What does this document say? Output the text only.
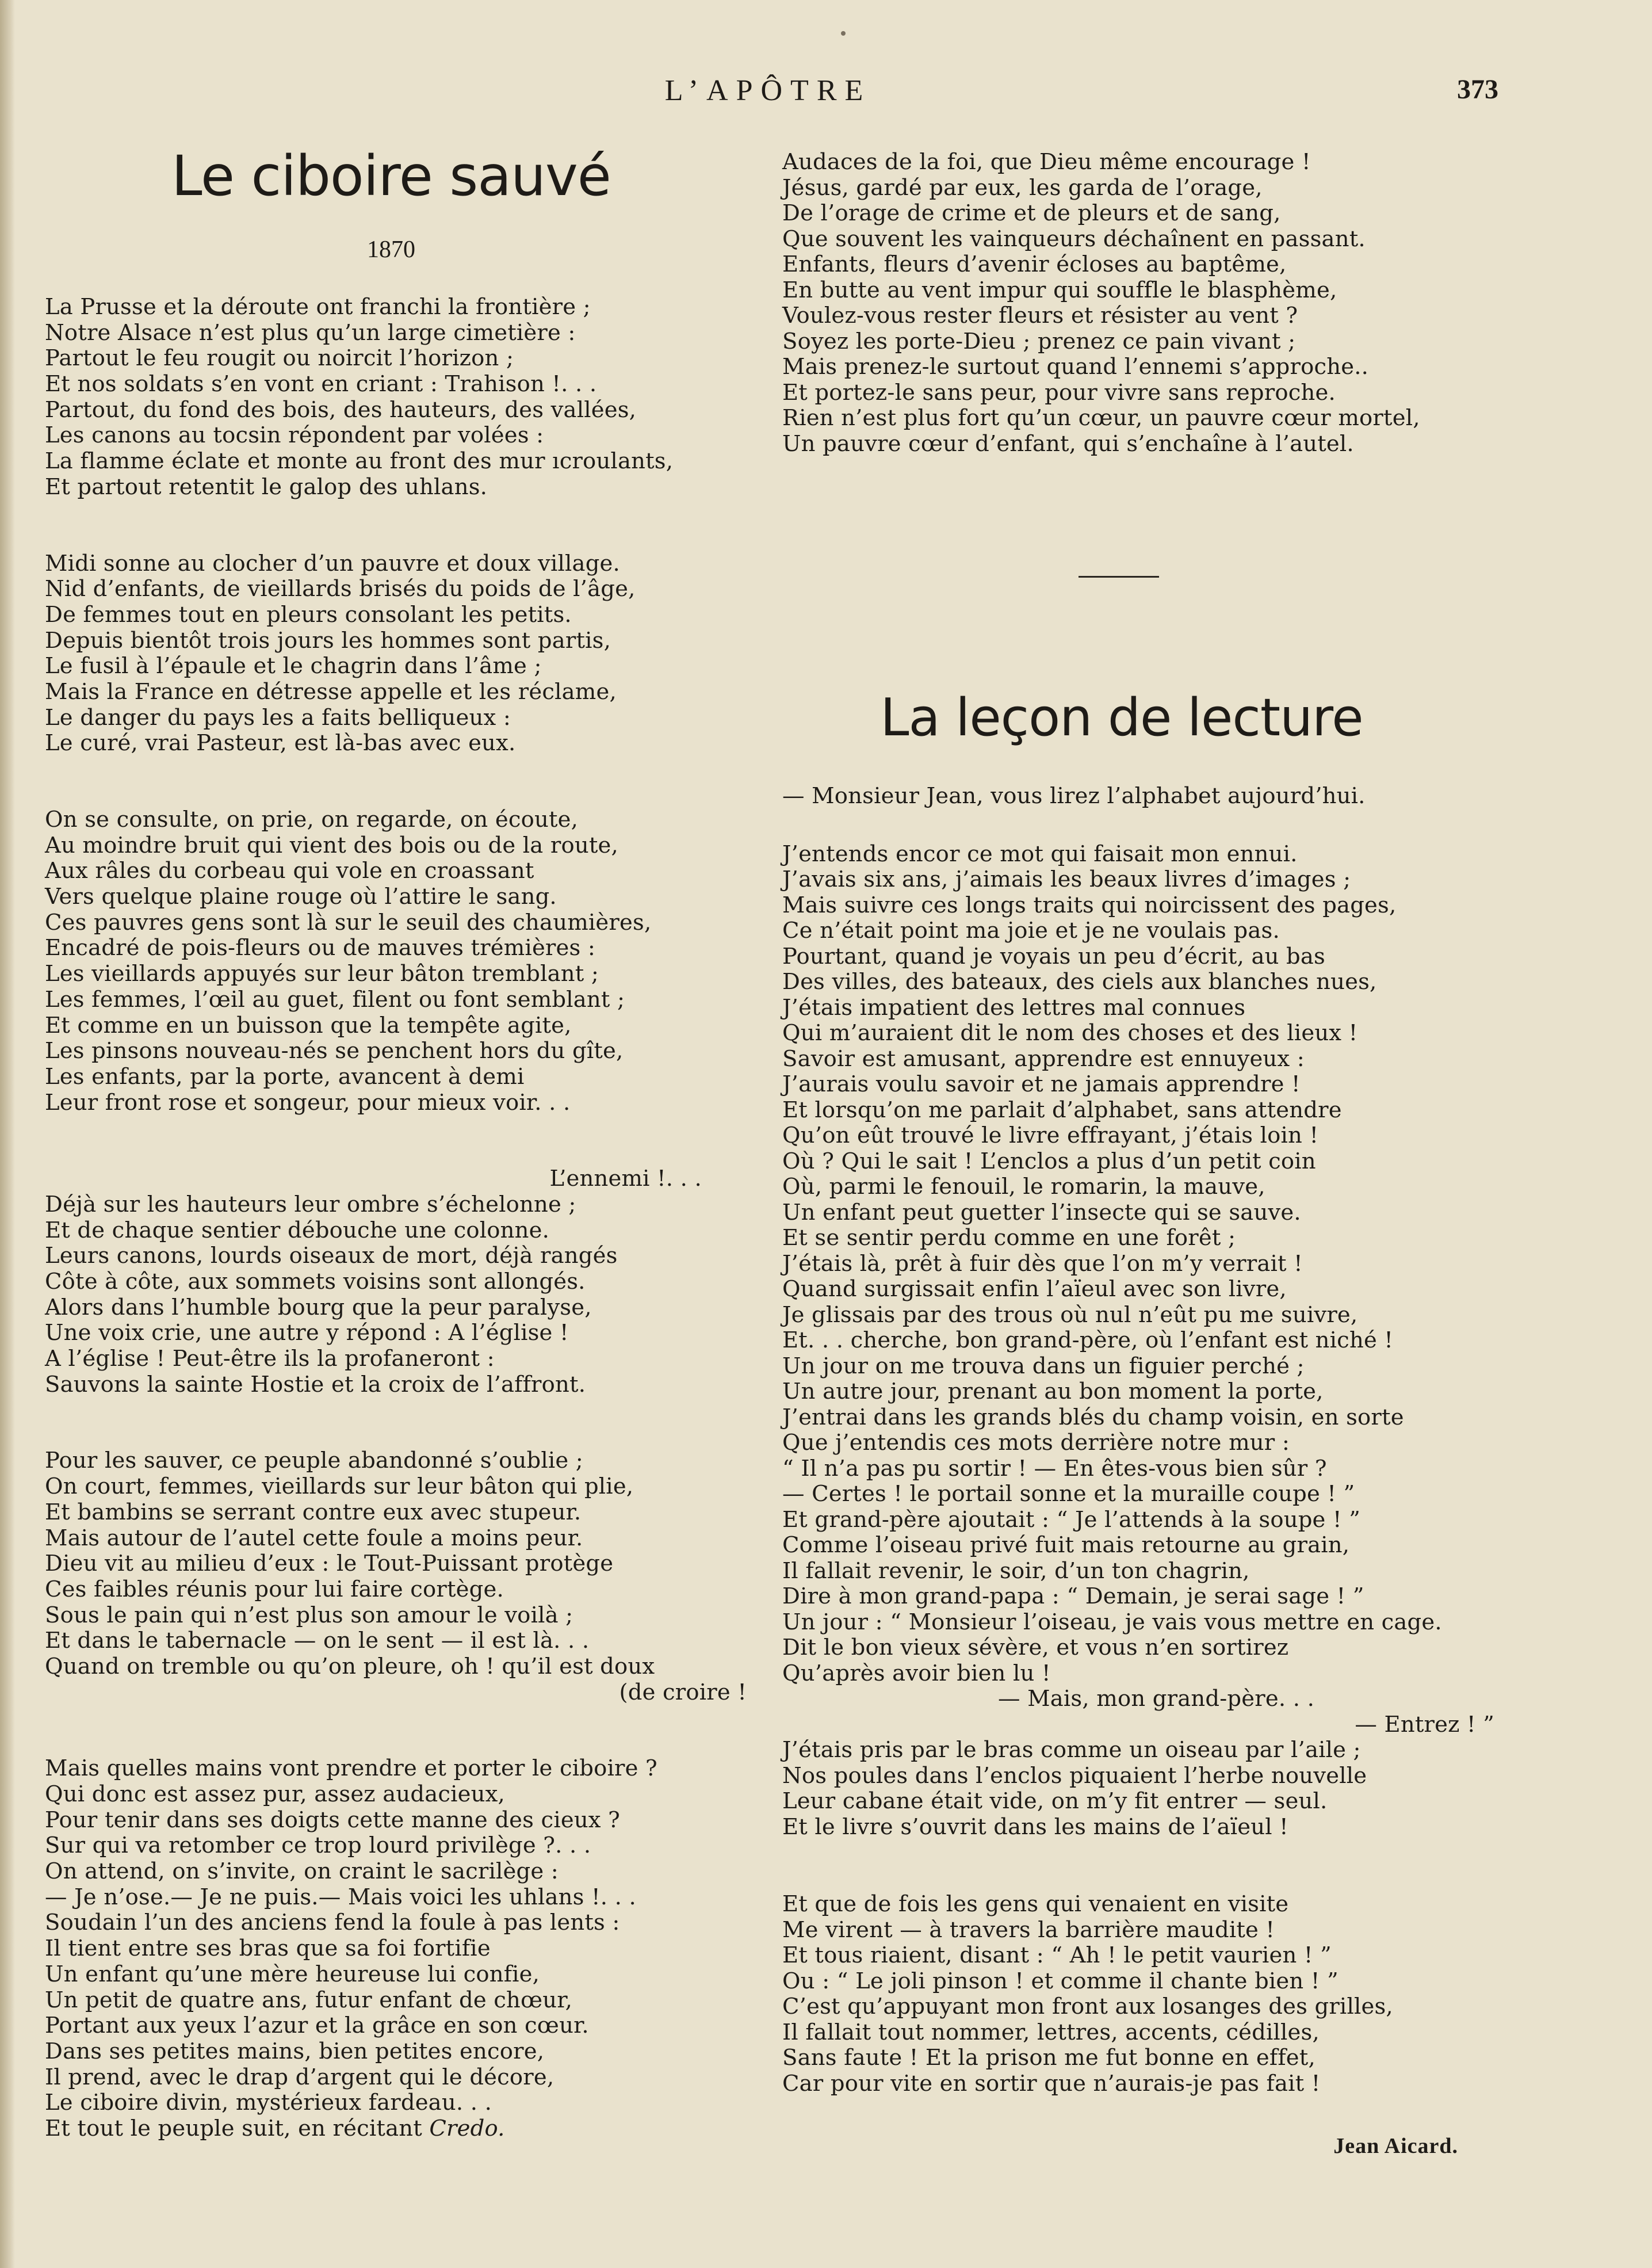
L’APÔTRE	373
Le ciboire sauvé
1870
La Prusse et la déroute ont franchi la frontière ;
Notre Alsace n’est plus qu’un large cimetière :
Partout le feu rougit ou noircit l’horizon ;
Et nos soldats s’en vont en criant : Trahison !. . .
Partout, du fond des bois, des hauteurs, des vallées,
Les canons au tocsin répondent par volées :
La flamme éclate et monte au front des mur ıcroulants,
Et partout retentit le galop des uhlans.
Midi sonne au clocher d’un pauvre et doux village.
Nid d’enfants, de vieillards brisés du poids de l’âge,
De femmes tout en pleurs consolant les petits.
Depuis bientôt trois jours les hommes sont partis,
Le fusil à l’épaule et le chagrin dans l’âme ;
Mais la France en détresse appelle et les réclame,
Le danger du pays les a faits belliqueux :
Le curé, vrai Pasteur, est là-bas avec eux.
On se consulte, on prie, on regarde, on écoute,
Au moindre bruit qui vient des bois ou de la route,
Aux râles du corbeau qui vole en croassant
Vers quelque plaine rouge où l’attire le sang.
Ces pauvres gens sont là sur le seuil des chaumières,
Encadré de pois-fleurs ou de mauves trémières :
Les vieillards appuyés sur leur bâton tremblant ;
Les femmes, l’œil au guet, filent ou font semblant ;
Et comme en un buisson que la tempête agite,
Les pinsons nouveau-nés se penchent hors du gîte,
Les enfants, par la porte, avancent à demi
Leur front rose et songeur, pour mieux voir. . .
L’ennemi !. . .
Déjà sur les hauteurs leur ombre s’échelonne ;
Et de chaque sentier débouche une colonne.
Leurs canons, lourds oiseaux de mort, déjà rangés
Côte à côte, aux sommets voisins sont allongés.
Alors dans l’humble bourg que la peur paralyse,
Une voix crie, une autre y répond : A l’église !
A l’église ! Peut-être ils la profaneront :
Sauvons la sainte Hostie et la croix de l’affront.
Pour les sauver, ce peuple abandonné s’oublie ;
On court, femmes, vieillards sur leur bâton qui plie,
Et bambins se serrant contre eux avec stupeur.
Mais autour de l’autel cette foule a moins peur.
Dieu vit au milieu d’eux : le Tout-Puissant protège
Ces faibles réunis pour lui faire cortège.
Sous le pain qui n’est plus son amour le voilà ;
Et dans le tabernacle — on le sent — il est là. . .
Quand on tremble ou qu’on pleure, oh ! qu’il est doux
(de croire !
Mais quelles mains vont prendre et porter le ciboire ?
Qui donc est assez pur, assez audacieux,
Pour tenir dans ses doigts cette manne des cieux ?
Sur qui va retomber ce trop lourd privilège ?. . .
On attend, on s’invite, on craint le sacrilège :
— Je n’ose.— Je ne puis.— Mais voici les uhlans !. . .
Soudain l’un des anciens fend la foule à pas lents :
Il tient entre ses bras que sa foi fortifie
Un enfant qu’une mère heureuse lui confie,
Un petit de quatre ans, futur enfant de chœur,
Portant aux yeux l’azur et la grâce en son cœur.
Dans ses petites mains, bien petites encore,
Il prend, avec le drap d’argent qui le décore,
Le ciboire divin, mystérieux fardeau. . .
Et tout le peuple suit, en récitant Credo.
Audaces de la foi, que Dieu même encourage !
Jésus, gardé par eux, les garda de l’orage,
De l’orage de crime et de pleurs et de sang,
Que souvent les vainqueurs déchaînent en passant.
Enfants, fleurs d’avenir écloses au baptême,
En butte au vent impur qui souffle le blasphème,
Voulez-vous rester fleurs et résister au vent ?
Soyez les porte-Dieu ; prenez ce pain vivant ;
Mais prenez-le surtout quand l’ennemi s’approche..
Et portez-le sans peur, pour vivre sans reproche.
Rien n’est plus fort qu’un cœur, un pauvre cœur mortel,
Un pauvre cœur d’enfant, qui s’enchaîne à l’autel.
La leçon de lecture
— Monsieur Jean, vous lirez l’alphabet aujourd’hui.
J’entends encor ce mot qui faisait mon ennui.
J’avais six ans, j’aimais les beaux livres d’images ;
Mais suivre ces longs traits qui noircissent des pages,
Ce n’était point ma joie et je ne voulais pas.
Pourtant, quand je voyais un peu d’écrit, au bas
Des villes, des bateaux, des ciels aux blanches nues,
J’étais impatient des lettres mal connues
Qui m’auraient dit le nom des choses et des lieux !
Savoir est amusant, apprendre est ennuyeux :
J’aurais voulu savoir et ne jamais apprendre !
Et lorsqu’on me parlait d’alphabet, sans attendre
Qu’on eût trouvé le livre effrayant, j’étais loin !
Où ? Qui le sait ! L’enclos a plus d’un petit coin
Où, parmi le fenouil, le romarin, la mauve,
Un enfant peut guetter l’insecte qui se sauve.
Et se sentir perdu comme en une forêt ;
J’étais là, prêt à fuir dès que l’on m’y verrait !
Quand surgissait enfin l’aïeul avec son livre,
Je glissais par des trous où nul n’eût pu me suivre,
Et. . . cherche, bon grand-père, où l’enfant est niché !
Un jour on me trouva dans un figuier perché ;
Un autre jour, prenant au bon moment la porte,
J’entrai dans les grands blés du champ voisin, en sorte
Que j’entendis ces mots derrière notre mur :
“ Il n’a pas pu sortir ! — En êtes-vous bien sûr ?
— Certes ! le portail sonne et la muraille coupe ! ”
Et grand-père ajoutait : “ Je l’attends à la soupe ! ”
Comme l’oiseau privé fuit mais retourne au grain,
Il fallait revenir, le soir, d’un ton chagrin,
Dire à mon grand-papa : “ Demain, je serai sage ! ”
Un jour : “ Monsieur l’oiseau, je vais vous mettre en cage.
Dit le bon vieux sévère, et vous n’en sortirez
Qu’après avoir bien lu !
— Mais, mon grand-père. . .
— Entrez ! ”
J’étais pris par le bras comme un oiseau par l’aile ;
Nos poules dans l’enclos piquaient l’herbe nouvelle
Leur cabane était vide, on m’y fit entrer — seul.
Et le livre s’ouvrit dans les mains de l’aïeul !
Et que de fois les gens qui venaient en visite
Me virent — à travers la barrière maudite !
Et tous riaient, disant : “ Ah ! le petit vaurien ! ”
Ou : “ Le joli pinson ! et comme il chante bien ! ”
C’est qu’appuyant mon front aux losanges des grilles,
Il fallait tout nommer, lettres, accents, cédilles,
Sans faute ! Et la prison me fut bonne en effet,
Car pour vite en sortir que n’aurais-je pas fait !
Jean Aicard.
